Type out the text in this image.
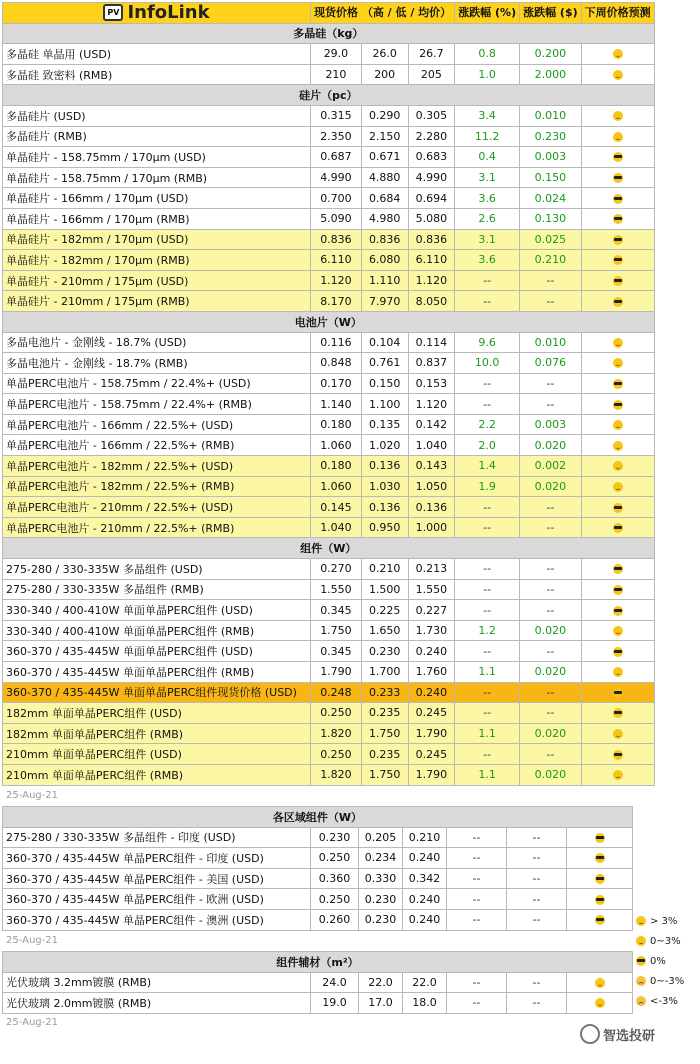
PV InfoLink	现货价格 （高 / 低 / 均价）			涨跌幅 (%)	涨跌幅 ($)	下周价格预测
多晶硅（kg）						
多晶硅 单晶用 (USD)	29.0	26.0	26.7	0.8	0.200	
多晶硅 致密料 (RMB)	210	200	205	1.0	2.000	
硅片（pc）						
多晶硅片 (USD)	0.315	0.290	0.305	3.4	0.010	
多晶硅片 (RMB)	2.350	2.150	2.280	11.2	0.230	
单晶硅片 - 158.75mm / 170μm (USD)	0.687	0.671	0.683	0.4	0.003	
单晶硅片 - 158.75mm / 170μm (RMB)	4.990	4.880	4.990	3.1	0.150	
单晶硅片 - 166mm / 170μm (USD)	0.700	0.684	0.694	3.6	0.024	
单晶硅片 - 166mm / 170μm (RMB)	5.090	4.980	5.080	2.6	0.130	
单晶硅片 - 182mm / 170μm (USD)	0.836	0.836	0.836	3.1	0.025	
单晶硅片 - 182mm / 170μm (RMB)	6.110	6.080	6.110	3.6	0.210	
单晶硅片 - 210mm / 175μm (USD)	1.120	1.110	1.120	--	--	
单晶硅片 - 210mm / 175μm (RMB)	8.170	7.970	8.050	--	--	
电池片（W）						
多晶电池片 - 金刚线 - 18.7% (USD)	0.116	0.104	0.114	9.6	0.010	
多晶电池片 - 金刚线 - 18.7% (RMB)	0.848	0.761	0.837	10.0	0.076	
单晶PERC电池片 - 158.75mm / 22.4%+ (USD)	0.170	0.150	0.153	--	--	
单晶PERC电池片 - 158.75mm / 22.4%+ (RMB)	1.140	1.100	1.120	--	--	
单晶PERC电池片 - 166mm / 22.5%+ (USD)	0.180	0.135	0.142	2.2	0.003	
单晶PERC电池片 - 166mm / 22.5%+ (RMB)	1.060	1.020	1.040	2.0	0.020	
单晶PERC电池片 - 182mm / 22.5%+ (USD)	0.180	0.136	0.143	1.4	0.002	
单晶PERC电池片 - 182mm / 22.5%+ (RMB)	1.060	1.030	1.050	1.9	0.020	
单晶PERC电池片 - 210mm / 22.5%+ (USD)	0.145	0.136	0.136	--	--	
单晶PERC电池片 - 210mm / 22.5%+ (RMB)	1.040	0.950	1.000	--	--	
组件（W）						
275-280 / 330-335W 多晶组件 (USD)	0.270	0.210	0.213	--	--	
275-280 / 330-335W 多晶组件 (RMB)	1.550	1.500	1.550	--	--	
330-340 / 400-410W 单面单晶PERC组件 (USD)	0.345	0.225	0.227	--	--	
330-340 / 400-410W 单面单晶PERC组件 (RMB)	1.750	1.650	1.730	1.2	0.020	
360-370 / 435-445W 单面单晶PERC组件 (USD)	0.345	0.230	0.240	--	--	
360-370 / 435-445W 单面单晶PERC组件 (RMB)	1.790	1.700	1.760	1.1	0.020	
360-370 / 435-445W 单面单晶PERC组件现货价格 (USD)	0.248	0.233	0.240	--	--	
182mm 单面单晶PERC组件 (USD)	0.250	0.235	0.245	--	--	
182mm 单面单晶PERC组件 (RMB)	1.820	1.750	1.790	1.1	0.020	
210mm 单面单晶PERC组件 (USD)	0.250	0.235	0.245	--	--	
210mm 单面单晶PERC组件 (RMB)	1.820	1.750	1.790	1.1	0.020	
25-Aug-21
各区域组件（W）						
275-280 / 330-335W 多晶组件 - 印度 (USD)	0.230	0.205	0.210	--	--	
360-370 / 435-445W 单晶PERC组件 - 印度 (USD)	0.250	0.234	0.240	--	--	
360-370 / 435-445W 单晶PERC组件 - 美国 (USD)	0.360	0.330	0.342	--	--	
360-370 / 435-445W 单晶PERC组件 - 欧洲 (USD)	0.250	0.230	0.240	--	--	
360-370 / 435-445W 单晶PERC组件 - 澳洲 (USD)	0.260	0.230	0.240	--	--	
25-Aug-21
组件辅材（m²）						
光伏玻璃 3.2mm镀膜 (RMB)	24.0	22.0	22.0	--	--	
光伏玻璃 2.0mm镀膜 (RMB)	19.0	17.0	18.0	--	--	
25-Aug-21
> 3%
0~3%
0%
0~-3%
<-3%
智选投研
